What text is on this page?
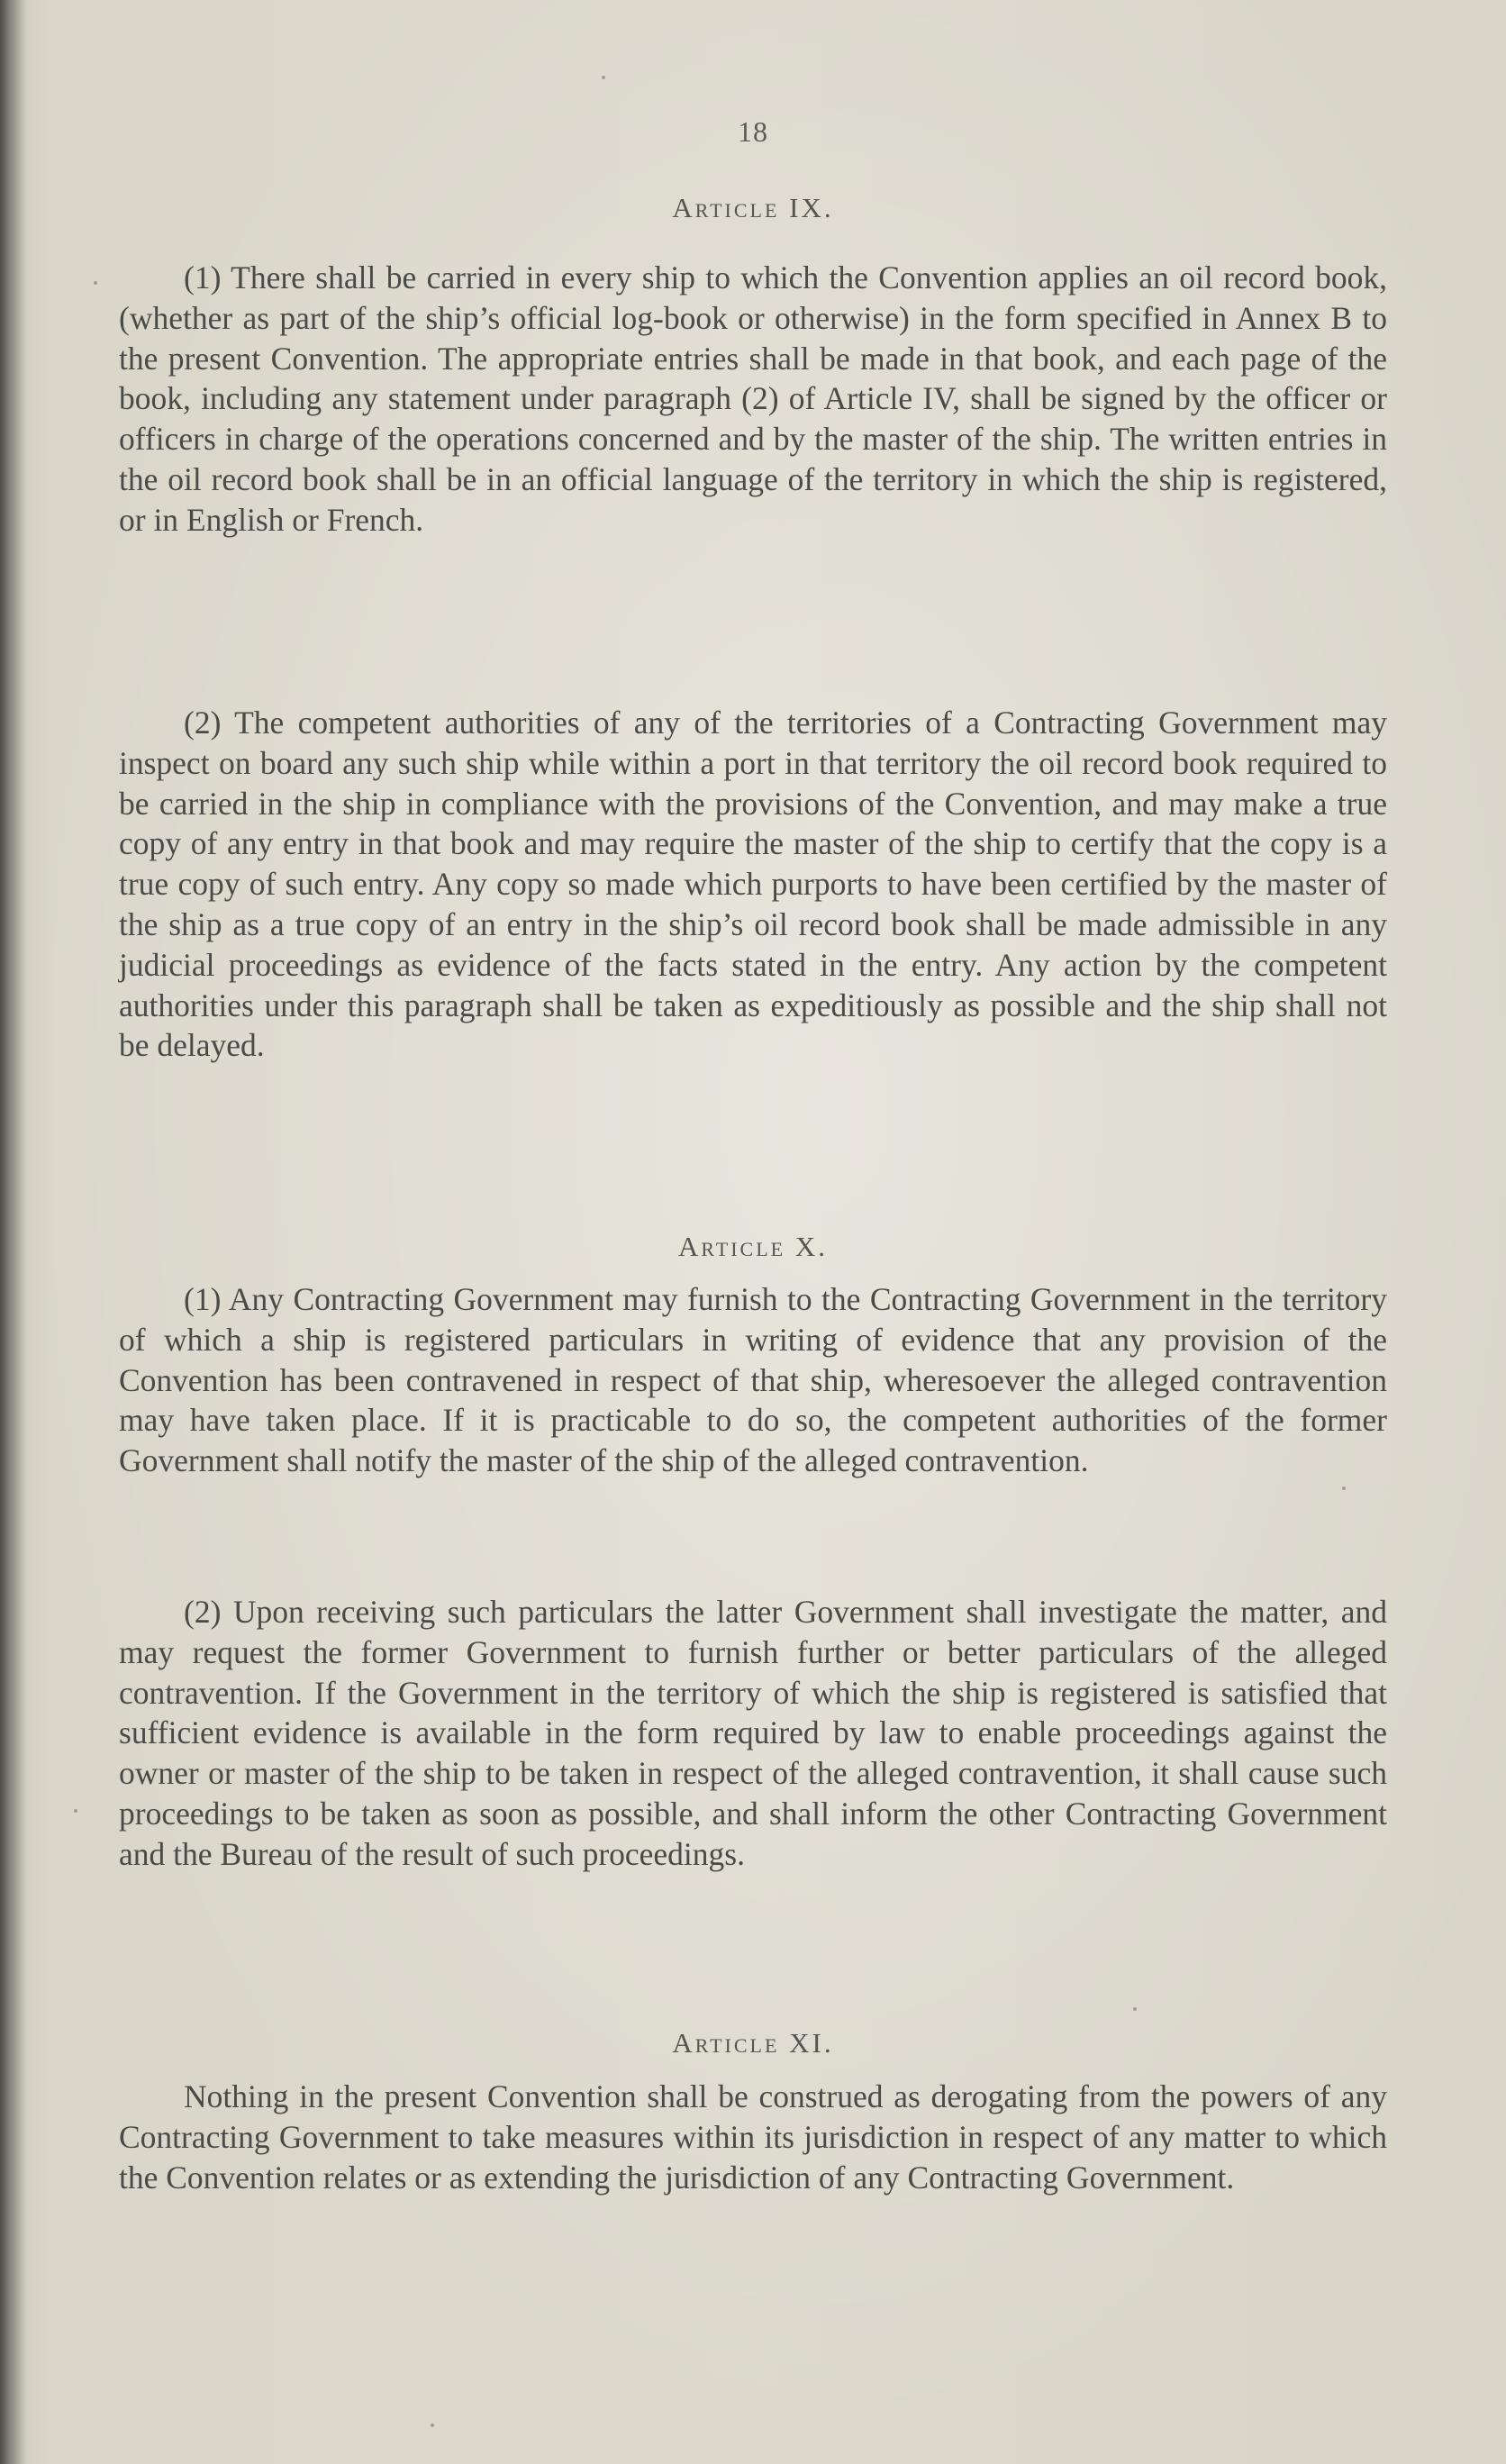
18
Article IX.

(1) There shall be carried in every ship to which the Convention applies an oil record book, (whether as part of the ship’s official log-book or otherwise) in the form specified in Annex B to the present Convention. The appropriate entries shall be made in that book, and each page of the book, including any statement under paragraph (2) of Article IV, shall be signed by the officer or officers in charge of the operations concerned and by the master of the ship. The written entries in the oil record book shall be in an official language of the territory in which the ship is registered, or in English or French.

(2) The competent authorities of any of the territories of a Contracting Government may inspect on board any such ship while within a port in that territory the oil record book required to be carried in the ship in compliance with the provisions of the Convention, and may make a true copy of any entry in that book and may require the master of the ship to certify that the copy is a true copy of such entry. Any copy so made which purports to have been certified by the master of the ship as a true copy of an entry in the ship’s oil record book shall be made admissible in any judicial proceedings as evidence of the facts stated in the entry. Any action by the competent authorities under this paragraph shall be taken as expeditiously as possible and the ship shall not be delayed.

Article X.

(1) Any Contracting Government may furnish to the Contracting Government in the territory of which a ship is registered particulars in writing of evidence that any provision of the Convention has been contravened in respect of that ship, wheresoever the alleged contravention may have taken place. If it is practicable to do so, the competent authorities of the former Government shall notify the master of the ship of the alleged contravention.

(2) Upon receiving such particulars the latter Government shall investigate the matter, and may request the former Government to furnish further or better particulars of the alleged contravention. If the Government in the territory of which the ship is registered is satisfied that sufficient evidence is available in the form required by law to enable proceedings against the owner or master of the ship to be taken in respect of the alleged contravention, it shall cause such proceedings to be taken as soon as possible, and shall inform the other Contracting Government and the Bureau of the result of such proceedings.

Article XI.

Nothing in the present Convention shall be construed as derogating from the powers of any Contracting Government to take measures within its jurisdiction in respect of any matter to which the Convention relates or as extending the jurisdiction of any Contracting Government.
